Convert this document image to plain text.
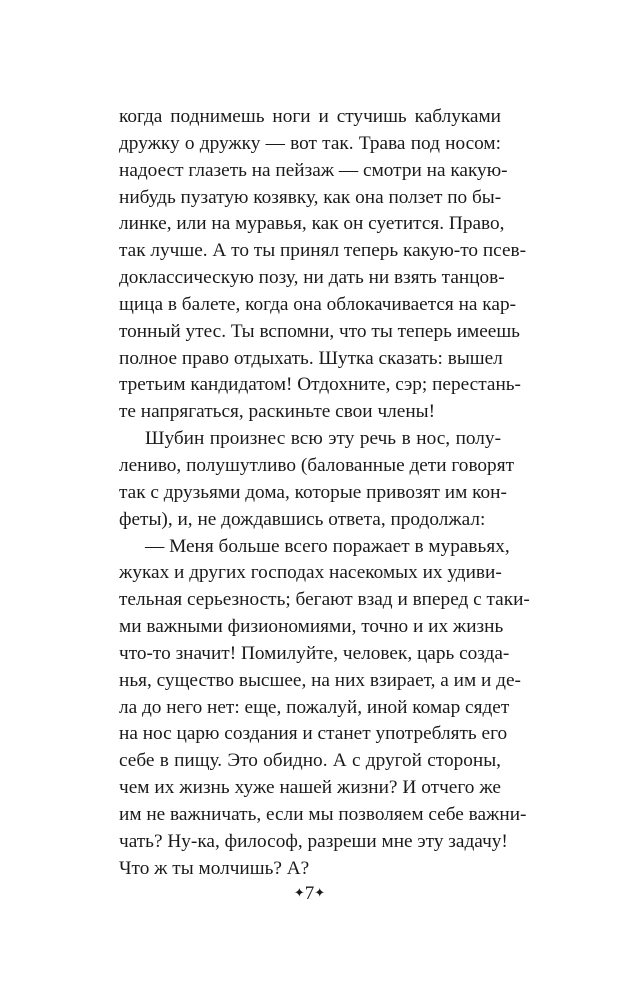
когда поднимешь ноги и стучишь каблуками
дружку о дружку — вот так. Трава под носом:
надоест глазеть на пейзаж — смотри на какую-
нибудь пузатую козявку, как она ползет по бы-
линке, или на муравья, как он суетится. Право,
так лучше. А то ты принял теперь какую-то псев-
доклассическую позу, ни дать ни взять танцов-
щица в балете, когда она облокачивается на кар-
тонный утес. Ты вспомни, что ты теперь имеешь
полное право отдыхать. Шутка сказать: вышел
третьим кандидатом! Отдохните, сэр; перестань-
те напрягаться, раскиньте свои члены!
Шубин произнес всю эту речь в нос, полу-
лениво, полушутливо (балованные дети говорят
так с друзьями дома, которые привозят им кон-
феты), и, не дождавшись ответа, продолжал:
— Меня больше всего поражает в муравьях,
жуках и других господах насекомых их удиви-
тельная серьезность; бегают взад и вперед с таки-
ми важными физиономиями, точно и их жизнь
что-то значит! Помилуйте, человек, царь созда-
нья, существо высшее, на них взирает, а им и де-
ла до него нет: еще, пожалуй, иной комар сядет
на нос царю создания и станет употреблять его
себе в пищу. Это обидно. А с другой стороны,
чем их жизнь хуже нашей жизни? И отчего же
им не важничать, если мы позволяем себе важни-
чать? Ну-ка, философ, разреши мне эту задачу!
Что ж ты молчишь? А?
✦7✦
